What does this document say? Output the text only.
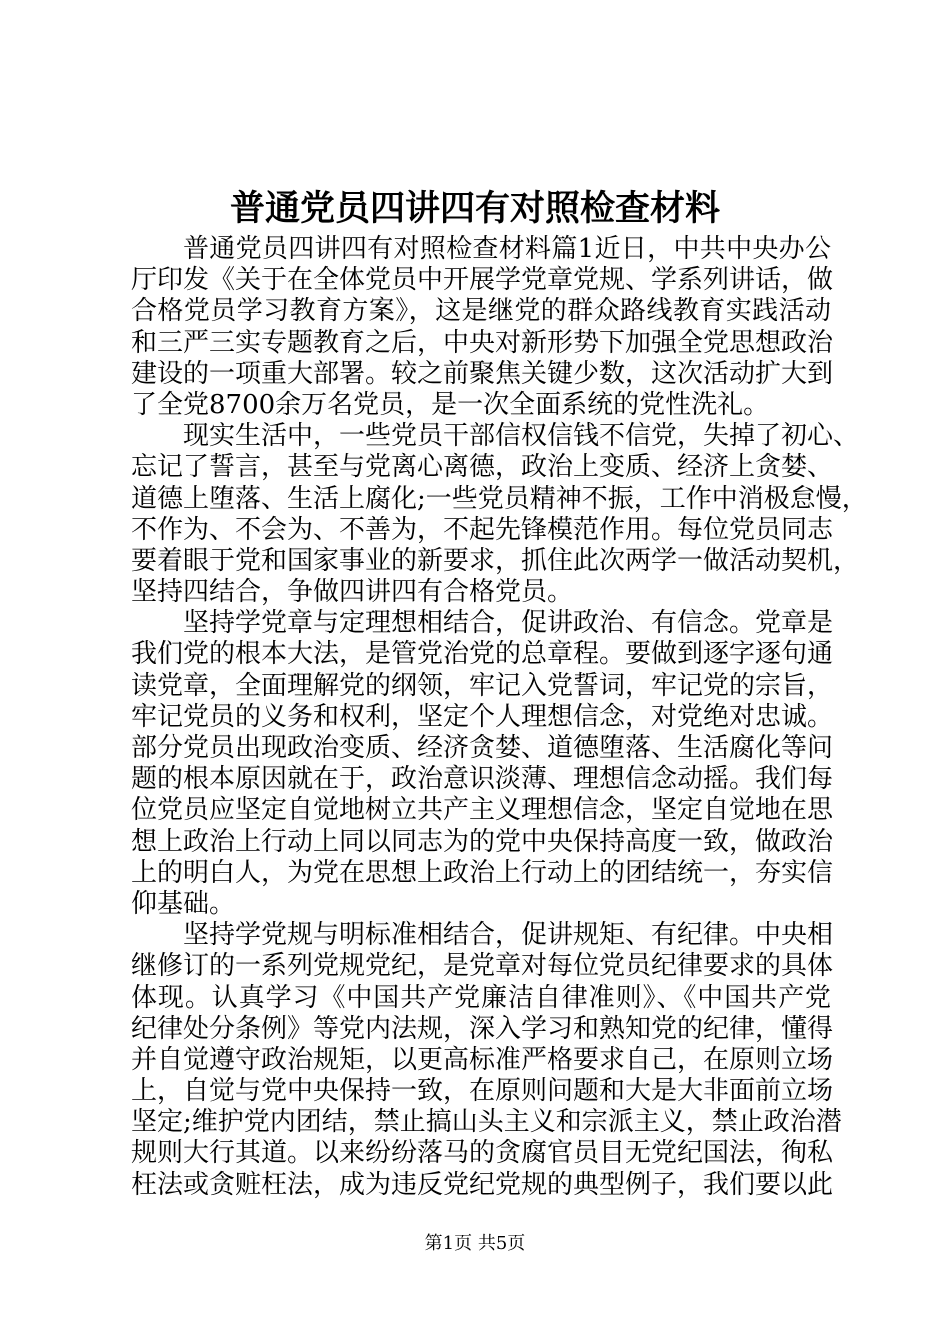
普通党员四讲四有对照检查材料
普通党员四讲四有对照检查材料篇1近日，中共中央办公
厅印发《关于在全体党员中开展学党章党规、学系列讲话，做
合格党员学习教育方案》，这是继党的群众路线教育实践活动
和三严三实专题教育之后，中央对新形势下加强全党思想政治
建设的一项重大部署。较之前聚焦关键少数，这次活动扩大到
了全党8700余万名党员，是一次全面系统的党性洗礼。
现实生活中，一些党员干部信权信钱不信党，失掉了初心、
忘记了誓言，甚至与党离心离德，政治上变质、经济上贪婪、
道德上堕落、生活上腐化;一些党员精神不振，工作中消极怠慢，
不作为、不会为、不善为，不起先锋模范作用。每位党员同志
要着眼于党和国家事业的新要求，抓住此次两学一做活动契机，
坚持四结合，争做四讲四有合格党员。
坚持学党章与定理想相结合，促讲政治、有信念。党章是
我们党的根本大法，是管党治党的总章程。要做到逐字逐句通
读党章，全面理解党的纲领，牢记入党誓词，牢记党的宗旨，
牢记党员的义务和权利，坚定个人理想信念，对党绝对忠诚。
部分党员出现政治变质、经济贪婪、道德堕落、生活腐化等问
题的根本原因就在于，政治意识淡薄、理想信念动摇。我们每
位党员应坚定自觉地树立共产主义理想信念，坚定自觉地在思
想上政治上行动上同以同志为的党中央保持高度一致，做政治
上的明白人，为党在思想上政治上行动上的团结统一，夯实信
仰基础。
坚持学党规与明标准相结合，促讲规矩、有纪律。中央相
继修订的一系列党规党纪，是党章对每位党员纪律要求的具体
体现。认真学习《中国共产党廉洁自律准则》、《中国共产党
纪律处分条例》等党内法规，深入学习和熟知党的纪律，懂得
并自觉遵守政治规矩，以更高标准严格要求自己，在原则立场
上，自觉与党中央保持一致，在原则问题和大是大非面前立场
坚定;维护党内团结，禁止搞山头主义和宗派主义，禁止政治潜
规则大行其道。以来纷纷落马的贪腐官员目无党纪国法，徇私
枉法或贪赃枉法，成为违反党纪党规的典型例子，我们要以此
第1页 共5页
